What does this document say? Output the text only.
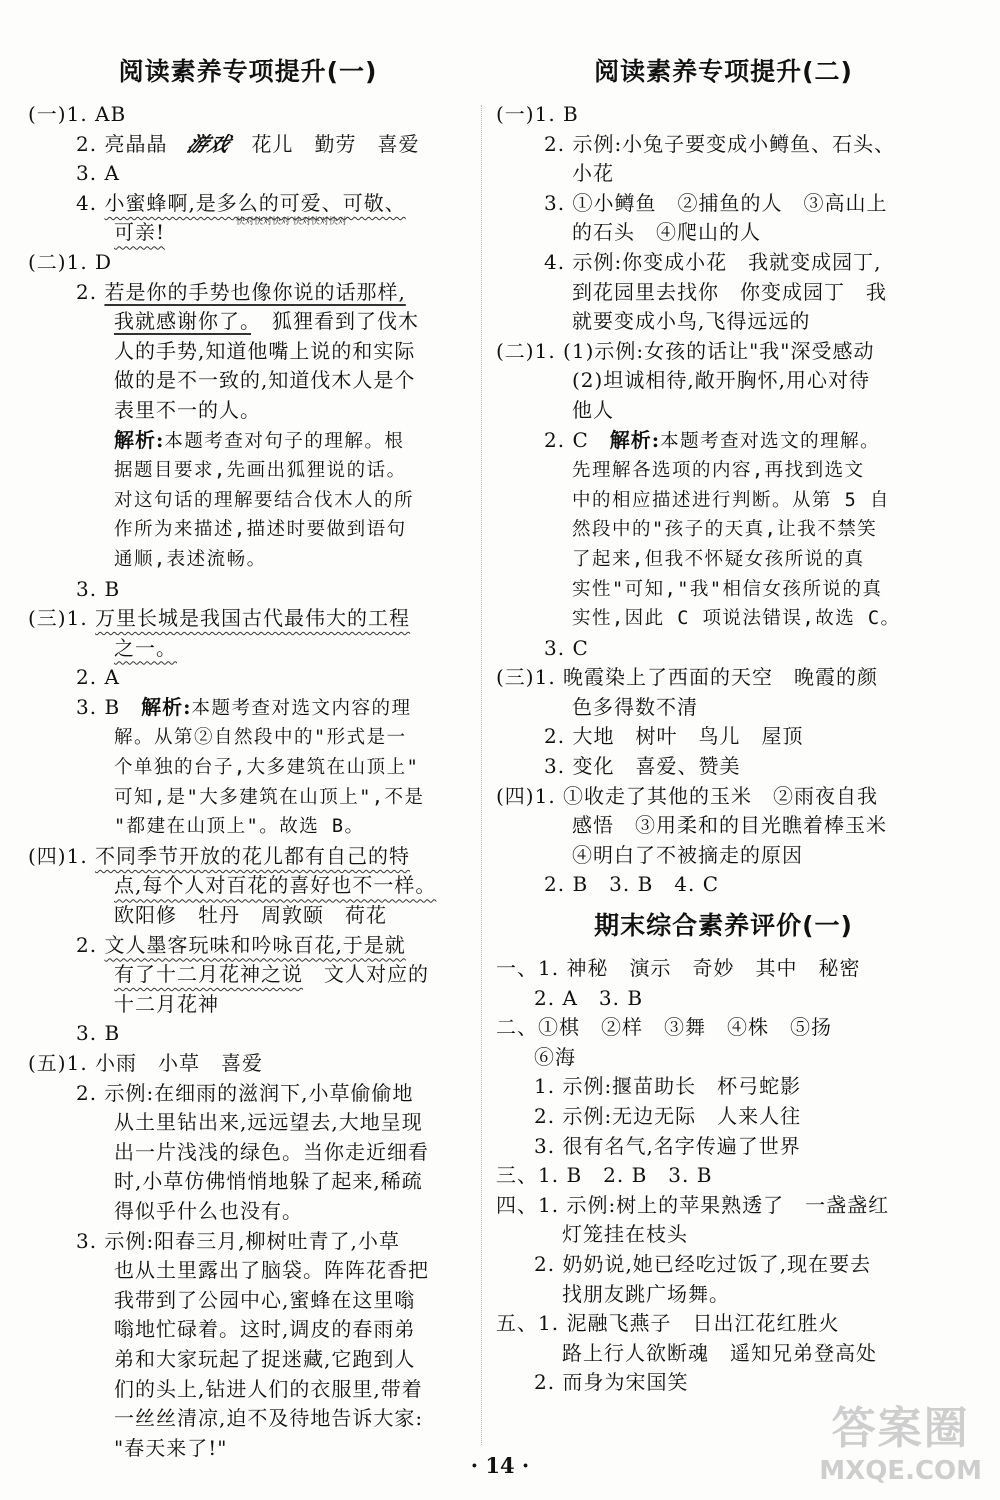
阅读素养专项提升(一)
(一)1. AB
2. 亮晶晶　 游戏　 花儿　勤劳　喜爱
快对快对快对 快对快对快对
3. A
4. 小蜜蜂啊,是多么的可爱、可敬、
可亲!
(二)1. D
2. 若是你的手势也像你说的话那样,
我就感谢你了。　狐狸看到了伐木
人的手势,知道他嘴上说的和实际
做的是不一致的,知道伐木人是个
表里不一的人。
解析:本题考查对句子的理解。根
据题目要求,先画出狐狸说的话。
对这句话的理解要结合伐木人的所
作所为来描述,描述时要做到语句
通顺,表述流畅。
3. B
(三)1. 万里长城是我国古代最伟大的工程
之一。
2. A
3. B　解析:本题考查对选文内容的理
解。从第②自然段中的"形式是一
个单独的台子,大多建筑在山顶上"
可知,是"大多建筑在山顶上",不是
"都建在山顶上"。故选 B。
(四)1. 不同季节开放的花儿都有自己的特
点,每个人对百花的喜好也不一样。
欧阳修　牡丹　周敦颐　荷花
2. 文人墨客玩味和吟咏百花,于是就
有了十二月花神之说　文人对应的
十二月花神
3. B
(五)1. 小雨　小草　喜爱
2. 示例:在细雨的滋润下,小草偷偷地
从土里钻出来,远远望去,大地呈现
出一片浅浅的绿色。当你走近细看
时,小草仿佛悄悄地躲了起来,稀疏
得似乎什么也没有。
3. 示例:阳春三月,柳树吐青了,小草
也从土里露出了脑袋。阵阵花香把
我带到了公园中心,蜜蜂在这里嗡
嗡地忙碌着。这时,调皮的春雨弟
弟和大家玩起了捉迷藏,它跑到人
们的头上,钻进人们的衣服里,带着
一丝丝清凉,迫不及待地告诉大家:
"春天来了!"
阅读素养专项提升(二)
(一)1. B
2. 示例:小兔子要变成小鳟鱼、石头、
小花
3. ①小鳟鱼　②捕鱼的人　③高山上
的石头　④爬山的人
4. 示例:你变成小花　我就变成园丁,
到花园里去找你　你变成园丁　我
就要变成小鸟,飞得远远的
(二)1. (1)示例:女孩的话让"我"深受感动
(2)坦诚相待,敞开胸怀,用心对待
他人
2. C　解析:本题考查对选文的理解。
先理解各选项的内容,再找到选文
中的相应描述进行判断。从第 5 自
然段中的"孩子的天真,让我不禁笑
了起来,但我不怀疑女孩所说的真
实性"可知,"我"相信女孩所说的真
实性,因此 C 项说法错误,故选 C。
3. C
(三)1. 晚霞染上了西面的天空　晚霞的颜
色多得数不清
2. 大地　树叶　鸟儿　屋顶
3. 变化　喜爱、赞美
(四)1. ①收走了其他的玉米　②雨夜自我
感悟　③用柔和的目光瞧着棒玉米
④明白了不被摘走的原因
2. B　3. B　4. C
期末综合素养评价(一)
一、1. 神秘　演示　奇妙　其中　秘密
2. A　3. B
二、①棋　②样　③舞　④株　⑤扬
⑥海
1. 示例:揠苗助长　杯弓蛇影
2. 示例:无边无际　人来人往
3. 很有名气,名字传遍了世界
三、1. B　2. B　3. B
四、1. 示例:树上的苹果熟透了　一盏盏红
灯笼挂在枝头
2. 奶奶说,她已经吃过饭了,现在要去
找朋友跳广场舞。
五、1. 泥融飞燕子　日出江花红胜火
路上行人欲断魂　遥知兄弟登高处
2. 而身为宋国笑
· 14 ·
答案圈
MXQE.COM
